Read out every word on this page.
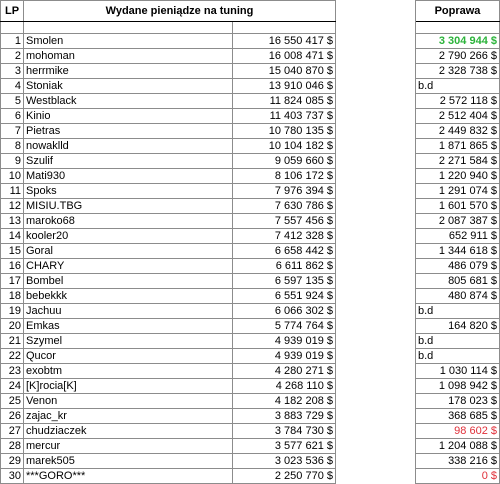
LP	Wydane pieniądze na tuning			Poprawa

1	Smolen	16 550 417 $		3 304 944 $
2	mohoman	16 008 471 $		2 790 266 $
3	herrmike	15 040 870 $		2 328 738 $
4	Stoniak	13 910 046 $		b.d
5	Westblack	11 824 085 $		2 572 118 $
6	Kinio	11 403 737 $		2 512 404 $
7	Pietras	10 780 135 $		2 449 832 $
8	nowaklld	10 104 182 $		1 871 865 $
9	Szulif	9 059 660 $		2 271 584 $
10	Mati930	8 106 172 $		1 220 940 $
11	Spoks	7 976 394 $		1 291 074 $
12	MISIU.TBG	7 630 786 $		1 601 570 $
13	maroko68	7 557 456 $		2 087 387 $
14	kooler20	7 412 328 $		652 911 $
15	Goral	6 658 442 $		1 344 618 $
16	CHARY	6 611 862 $		486 079 $
17	Bombel	6 597 135 $		805 681 $
18	bebekkk	6 551 924 $		480 874 $
19	Jachuu	6 066 302 $		b.d
20	Emkas	5 774 764 $		164 820 $
21	Szymel	4 939 019 $		b.d
22	Qucor	4 939 019 $		b.d
23	exobtm	4 280 271 $		1 030 114 $
24	[K]rocia[K]	4 268 110 $		1 098 942 $
25	Venon	4 182 208 $		178 023 $
26	zajac_kr	3 883 729 $		368 685 $
27	chudziaczek	3 784 730 $		98 602 $
28	mercur	3 577 621 $		1 204 088 $
29	marek505	3 023 536 $		338 216 $
30	***GORO***	2 250 770 $		0 $
